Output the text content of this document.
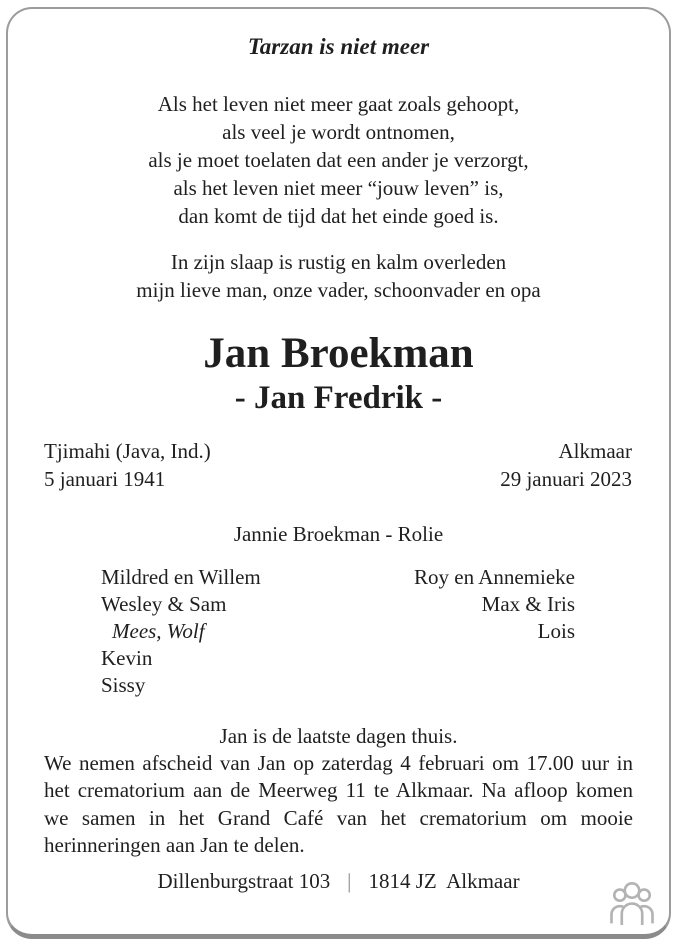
Tarzan is niet meer
Als het leven niet meer gaat zoals gehoopt,
als veel je wordt ontnomen,
als je moet toelaten dat een ander je verzorgt,
als het leven niet meer “jouw leven” is,
dan komt de tijd dat het einde goed is.
In zijn slaap is rustig en kalm overleden
mijn lieve man, onze vader, schoonvader en opa
Jan Broekman
- Jan Fredrik -
Tjimahi (Java, Ind.)
5 januari 1941
Alkmaar
29 januari 2023
Jannie Broekman - Rolie
Mildred en Willem
Wesley & Sam
Mees, Wolf
Kevin
Sissy
Roy en Annemieke
Max & Iris
Lois
Jan is de laatste dagen thuis.

We nemen afscheid van Jan op zaterdag 4 februari om 17.00 uur in het crematorium aan de Meerweg 11 te Alkmaar. Na afloop komen we samen in het Grand Café van het crematorium om mooie herinneringen aan Jan te delen.

Dillenburgstraat 103 | 1814 JZ  Alkmaar
